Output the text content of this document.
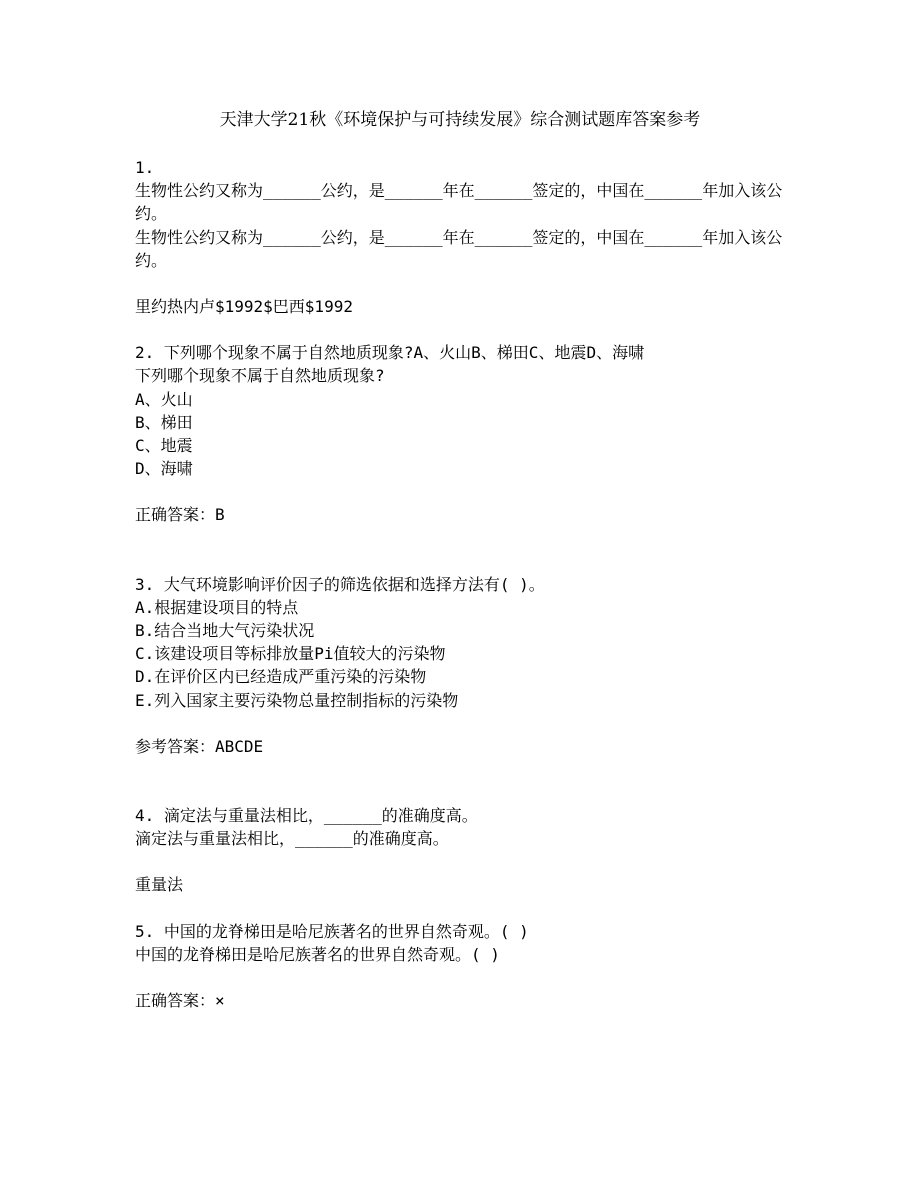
天津大学21秋《环境保护与可持续发展》综合测试题库答案参考
1.
生物性公约又称为______公约，是______年在______签定的，中国在______年加入该公约。
生物性公约又称为______公约，是______年在______签定的，中国在______年加入该公约。
里约热内卢$1992$巴西$1992
2. 下列哪个现象不属于自然地质现象?A、火山B、梯田C、地震D、海啸
下列哪个现象不属于自然地质现象?
A、火山
B、梯田
C、地震
D、海啸
正确答案：B
3. 大气环境影响评价因子的筛选依据和选择方法有( )。
A.根据建设项目的特点
B.结合当地大气污染状况
C.该建设项目等标排放量Pi值较大的污染物
D.在评价区内已经造成严重污染的污染物
E.列入国家主要污染物总量控制指标的污染物
参考答案：ABCDE
4. 滴定法与重量法相比，______的准确度高。
滴定法与重量法相比，______的准确度高。
重量法
5. 中国的龙脊梯田是哈尼族著名的世界自然奇观。( )
中国的龙脊梯田是哈尼族著名的世界自然奇观。( )
正确答案：×
